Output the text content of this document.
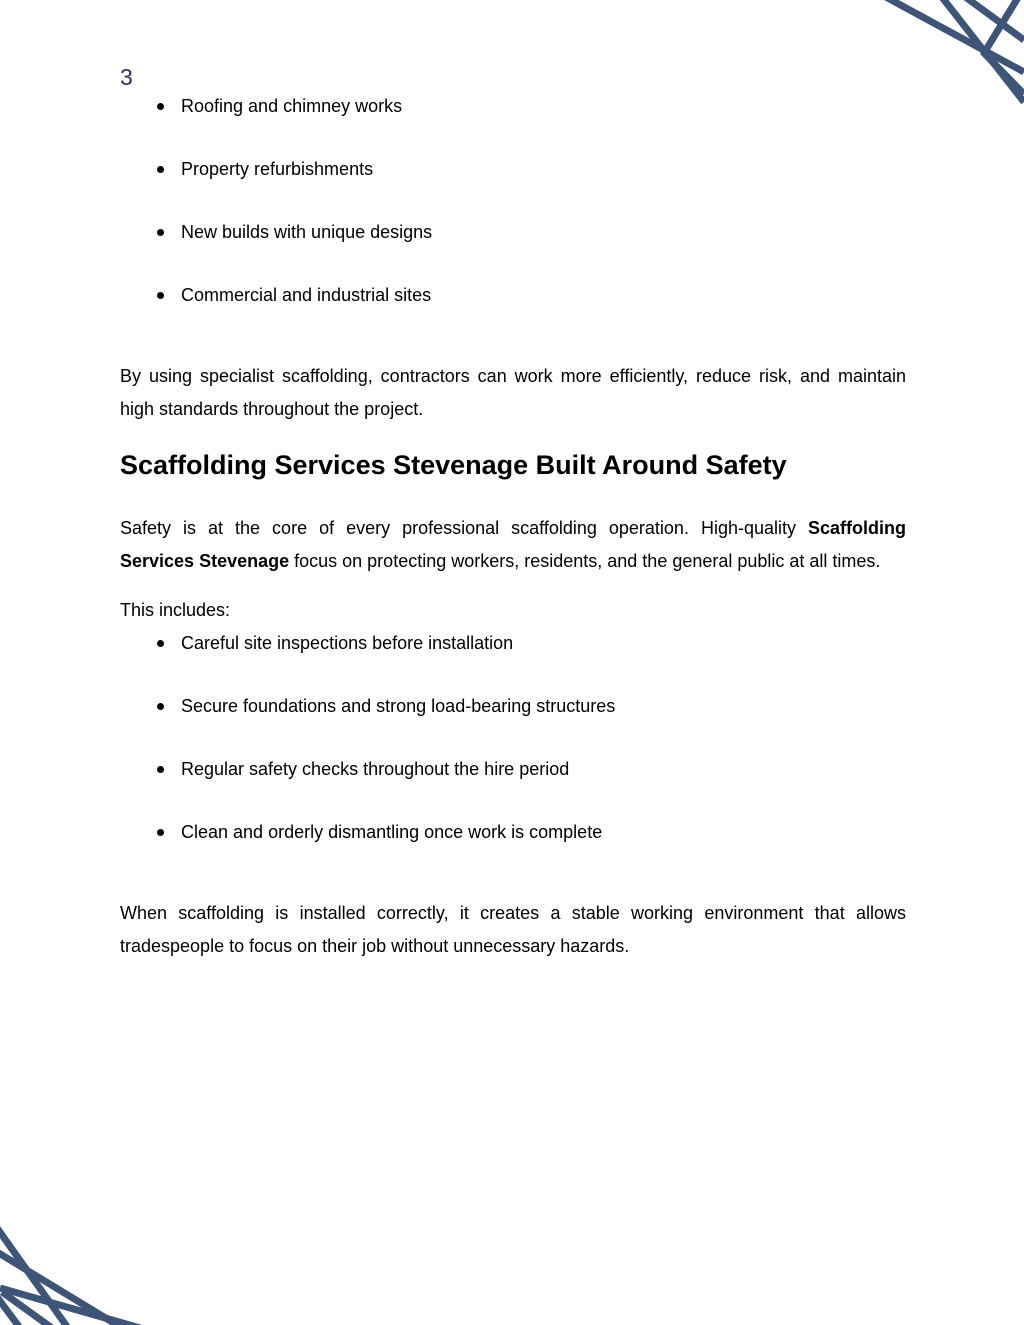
3
Roofing and chimney works
Property refurbishments
New builds with unique designs
Commercial and industrial sites

By using specialist scaffolding, contractors can work more efficiently, reduce risk, and maintain high standards throughout the project.

Scaffolding Services Stevenage Built Around Safety

Safety is at the core of every professional scaffolding operation. High-quality Scaffolding Services Stevenage focus on protecting workers, residents, and the general public at all times.

This includes:

Careful site inspections before installation
Secure foundations and strong load-bearing structures
Regular safety checks throughout the hire period
Clean and orderly dismantling once work is complete

When scaffolding is installed correctly, it creates a stable working environment that allows tradespeople to focus on their job without unnecessary hazards.
